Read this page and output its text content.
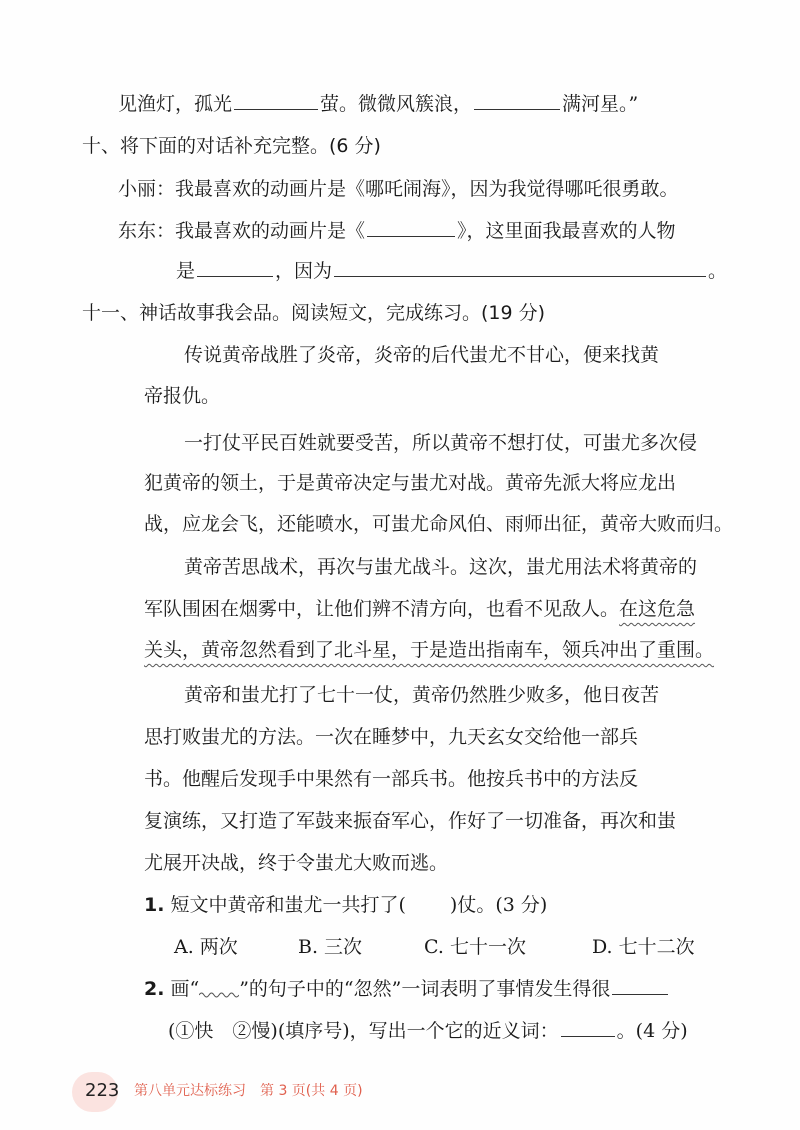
见渔灯，孤光	萤。微微风簇浪，	满河星。”
十、将下面的对话补充完整。(6 分)
小丽：我最喜欢的动画片是《哪吒闹海》，因为我觉得哪吒很勇敢。
东东：我最喜欢的动画片是《	》，这里面我最喜欢的人物
是	，因为	。
十一、神话故事我会品。阅读短文，完成练习。(19 分)
传说黄帝战胜了炎帝，炎帝的后代蚩尤不甘心，便来找黄
帝报仇。
一打仗平民百姓就要受苦，所以黄帝不想打仗，可蚩尤多次侵
犯黄帝的领土，于是黄帝决定与蚩尤对战。黄帝先派大将应龙出
战，应龙会飞，还能喷水，可蚩尤命风伯、雨师出征，黄帝大败而归。
黄帝苦思战术，再次与蚩尤战斗。这次，蚩尤用法术将黄帝的
军队围困在烟雾中，让他们辨不清方向，也看不见敌人。在这危急
关头，黄帝忽然看到了北斗星，于是造出指南车，领兵冲出了重围。
黄帝和蚩尤打了七十一仗，黄帝仍然胜少败多，他日夜苦
思打败蚩尤的方法。一次在睡梦中，九天玄女交给他一部兵
书。他醒后发现手中果然有一部兵书。他按兵书中的方法反
复演练，又打造了军鼓来振奋军心，作好了一切准备，再次和蚩
尤展开决战，终于令蚩尤大败而逃。
1. 短文中黄帝和蚩尤一共打了( )仗。(3 分)
A. 两次	B. 三次	C. 七十一次	D. 七十二次
2. 画“ ”的句子中的“忽然”一词表明了事情发生得很
(①快　②慢)(填序号)，写出一个它的近义词：	。(4 分)
223 第八单元达标练习　第 3 页(共 4 页)
